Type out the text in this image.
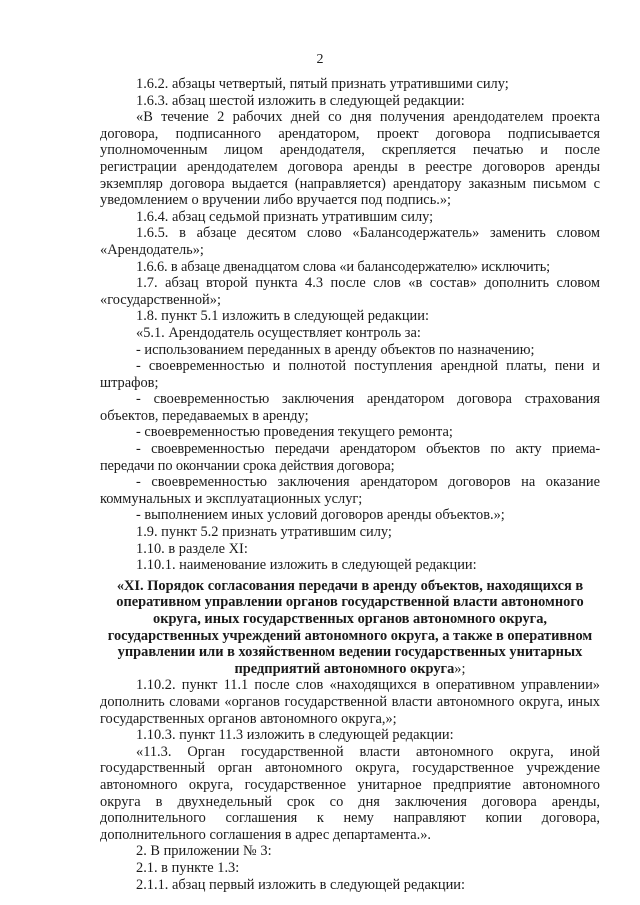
2

1.6.2. абзацы четвертый, пятый признать утратившими силу;

1.6.3. абзац шестой изложить в следующей редакции:

«В течение 2 рабочих дней со дня получения арендодателем проекта договора, подписанного арендатором, проект договора подписывается уполномоченным лицом арендодателя, скрепляется печатью и после регистрации арендодателем договора аренды в реестре договоров аренды экземпляр договора выдается (направляется) арендатору заказным письмом с уведомлением о вручении либо вручается под подпись.»;

1.6.4. абзац седьмой признать утратившим силу;

1.6.5. в абзаце десятом слово «Балансодержатель» заменить словом «Арендодатель»;

1.6.6. в абзаце двенадцатом слова «и балансодержателю» исключить;

1.7. абзац второй пункта 4.3 после слов «в состав» дополнить словом «государственной»;

1.8. пункт 5.1 изложить в следующей редакции:

«5.1. Арендодатель осуществляет контроль за:

- использованием переданных в аренду объектов по назначению;

- своевременностью и полнотой поступления арендной платы, пени и штрафов;

- своевременностью заключения арендатором договора страхования объектов, передаваемых в аренду;

- своевременностью проведения текущего ремонта;

- своевременностью передачи арендатором объектов по акту приема-передачи по окончании срока действия договора;

- своевременностью заключения арендатором договоров на оказание коммунальных и эксплуатационных услуг;

- выполнением иных условий договоров аренды объектов.»;

1.9. пункт 5.2 признать утратившим силу;

1.10. в разделе XI:

1.10.1. наименование изложить в следующей редакции:

«XI. Порядок согласования передачи в аренду объектов, находящихся в оперативном управлении органов государственной власти автономного округа, иных государственных органов автономного округа, государственных учреждений автономного округа, а также в оперативном управлении или в хозяйственном ведении государственных унитарных предприятий автономного округа»;

1.10.2. пункт 11.1 после слов «находящихся в оперативном управлении» дополнить словами «органов государственной власти автономного округа, иных государственных органов автономного округа,»;

1.10.3. пункт 11.3 изложить в следующей редакции:

«11.3. Орган государственной власти автономного округа, иной государственный орган автономного округа, государственное учреждение автономного округа, государственное унитарное предприятие автономного округа в двухнедельный срок со дня заключения договора аренды, дополнительного соглашения к нему направляют копии договора, дополнительного соглашения в адрес департамента.».

2. В приложении № 3:

2.1. в пункте 1.3:

2.1.1. абзац первый изложить в следующей редакции:
